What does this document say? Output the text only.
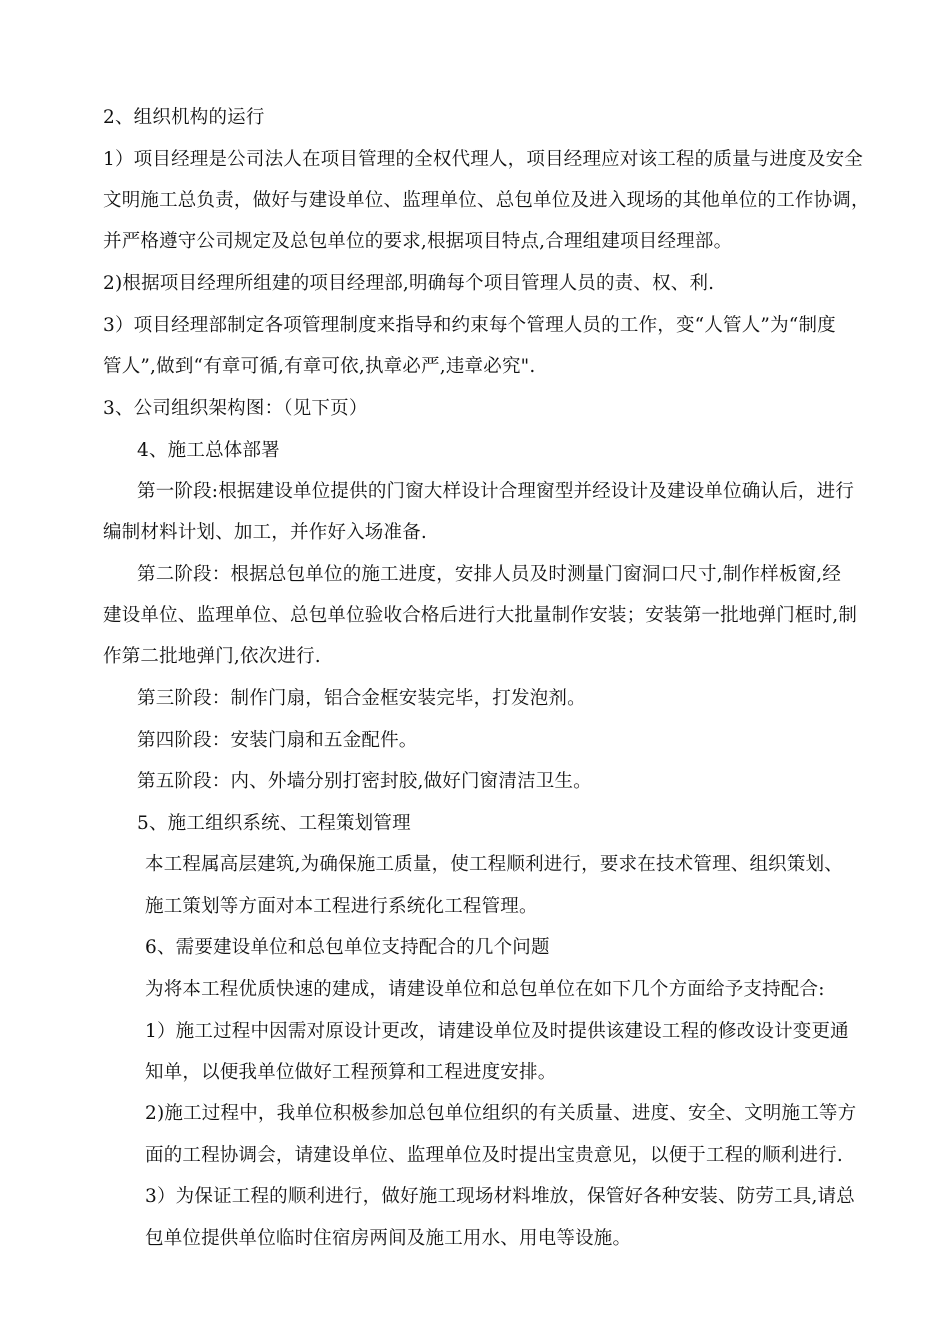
2、组织机构的运行
1）项目经理是公司法人在项目管理的全权代理人，项目经理应对该工程的质量与进度及安全
文明施工总负责，做好与建设单位、监理单位、总包单位及进入现场的其他单位的工作协调，
并严格遵守公司规定及总包单位的要求,根据项目特点,合理组建项目经理部。
2)根据项目经理所组建的项目经理部,明确每个项目管理人员的责、权、利.
3）项目经理部制定各项管理制度来指导和约束每个管理人员的工作，变“人管人”为“制度
管人”,做到“有章可循,有章可依,执章必严,违章必究".
3、公司组织架构图：（见下页）
4、施工总体部署
第一阶段:根据建设单位提供的门窗大样设计合理窗型并经设计及建设单位确认后，进行
编制材料计划、加工，并作好入场准备.
第二阶段：根据总包单位的施工进度，安排人员及时测量门窗洞口尺寸,制作样板窗,经
建设单位、监理单位、总包单位验收合格后进行大批量制作安装；安装第一批地弹门框时,制
作第二批地弹门,依次进行.
第三阶段：制作门扇，铝合金框安装完毕，打发泡剂。
第四阶段：安装门扇和五金配件。
第五阶段：内、外墙分别打密封胶,做好门窗清洁卫生。
5、施工组织系统、工程策划管理
本工程属高层建筑,为确保施工质量，使工程顺利进行，要求在技术管理、组织策划、
施工策划等方面对本工程进行系统化工程管理。
6、需要建设单位和总包单位支持配合的几个问题
为将本工程优质快速的建成，请建设单位和总包单位在如下几个方面给予支持配合:
1）施工过程中因需对原设计更改，请建设单位及时提供该建设工程的修改设计变更通
知单，以便我单位做好工程预算和工程进度安排。
2)施工过程中，我单位积极参加总包单位组织的有关质量、进度、安全、文明施工等方
面的工程协调会，请建设单位、监理单位及时提出宝贵意见，以便于工程的顺利进行.
3）为保证工程的顺利进行，做好施工现场材料堆放，保管好各种安装、防劳工具,请总
包单位提供单位临时住宿房两间及施工用水、用电等设施。
